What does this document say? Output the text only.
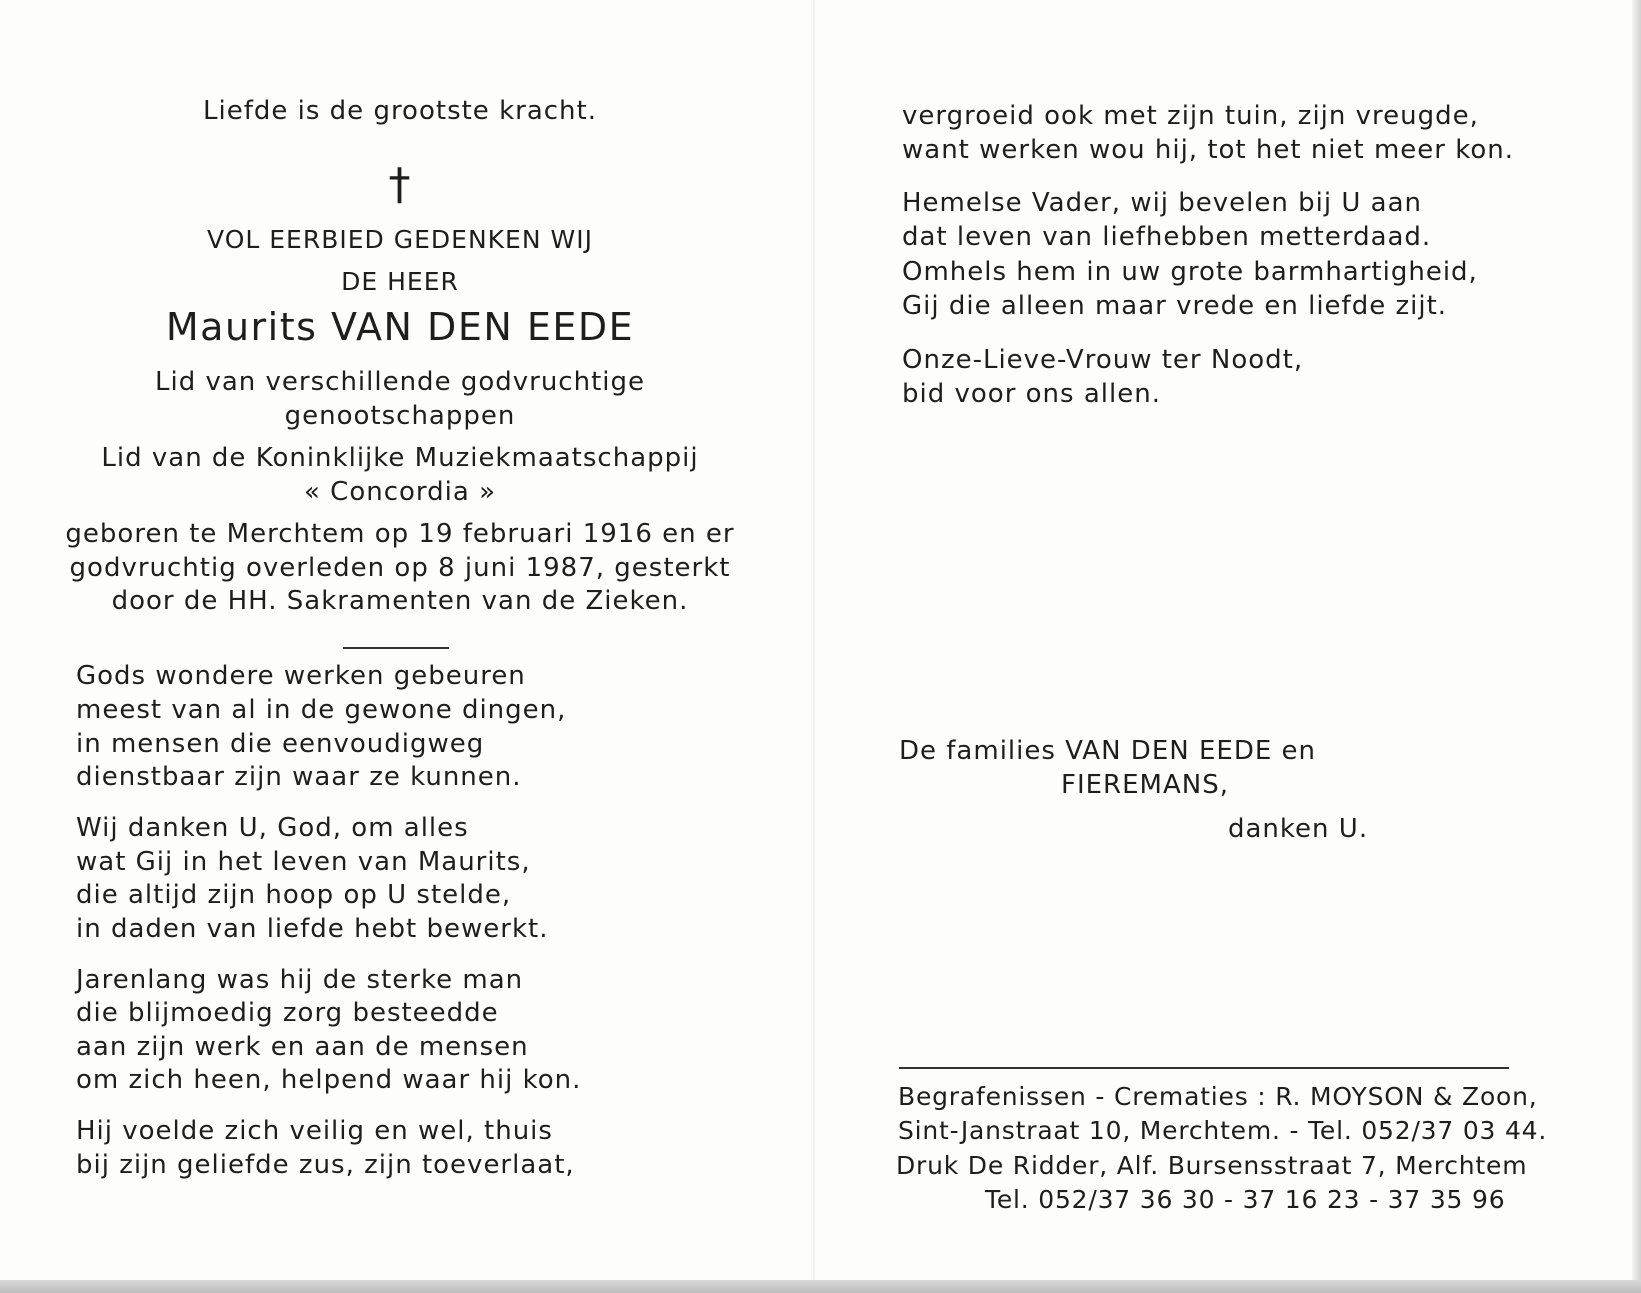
Liefde is de grootste kracht.
†
VOL EERBIED GEDENKEN WIJ
DE HEER
Maurits VAN DEN EEDE
Lid van verschillende godvruchtige
genootschappen
Lid van de Koninklijke Muziekmaatschappij
« Concordia »
geboren te Merchtem op 19 februari 1916 en er
godvruchtig overleden op 8 juni 1987, gesterkt
door de HH. Sakramenten van de Zieken.
Gods wondere werken gebeuren
meest van al in de gewone dingen,
in mensen die eenvoudigweg
dienstbaar zijn waar ze kunnen.
Wij danken U, God, om alles
wat Gij in het leven van Maurits,
die altijd zijn hoop op U stelde,
in daden van liefde hebt bewerkt.
Jarenlang was hij de sterke man
die blijmoedig zorg besteedde
aan zijn werk en aan de mensen
om zich heen, helpend waar hij kon.
Hij voelde zich veilig en wel, thuis
bij zijn geliefde zus, zijn toeverlaat,
vergroeid ook met zijn tuin, zijn vreugde,
want werken wou hij, tot het niet meer kon.
Hemelse Vader, wij bevelen bij U aan
dat leven van liefhebben metterdaad.
Omhels hem in uw grote barmhartigheid,
Gij die alleen maar vrede en liefde zijt.
Onze-Lieve-Vrouw ter Noodt,
bid voor ons allen.
De families VAN DEN EEDE en
FIEREMANS,
danken U.
Begrafenissen - Crematies : R. MOYSON & Zoon,
Sint-Janstraat 10, Merchtem. - Tel. 052/37 03 44.
Druk De Ridder, Alf. Bursensstraat 7, Merchtem
Tel. 052/37 36 30 - 37 16 23 - 37 35 96
